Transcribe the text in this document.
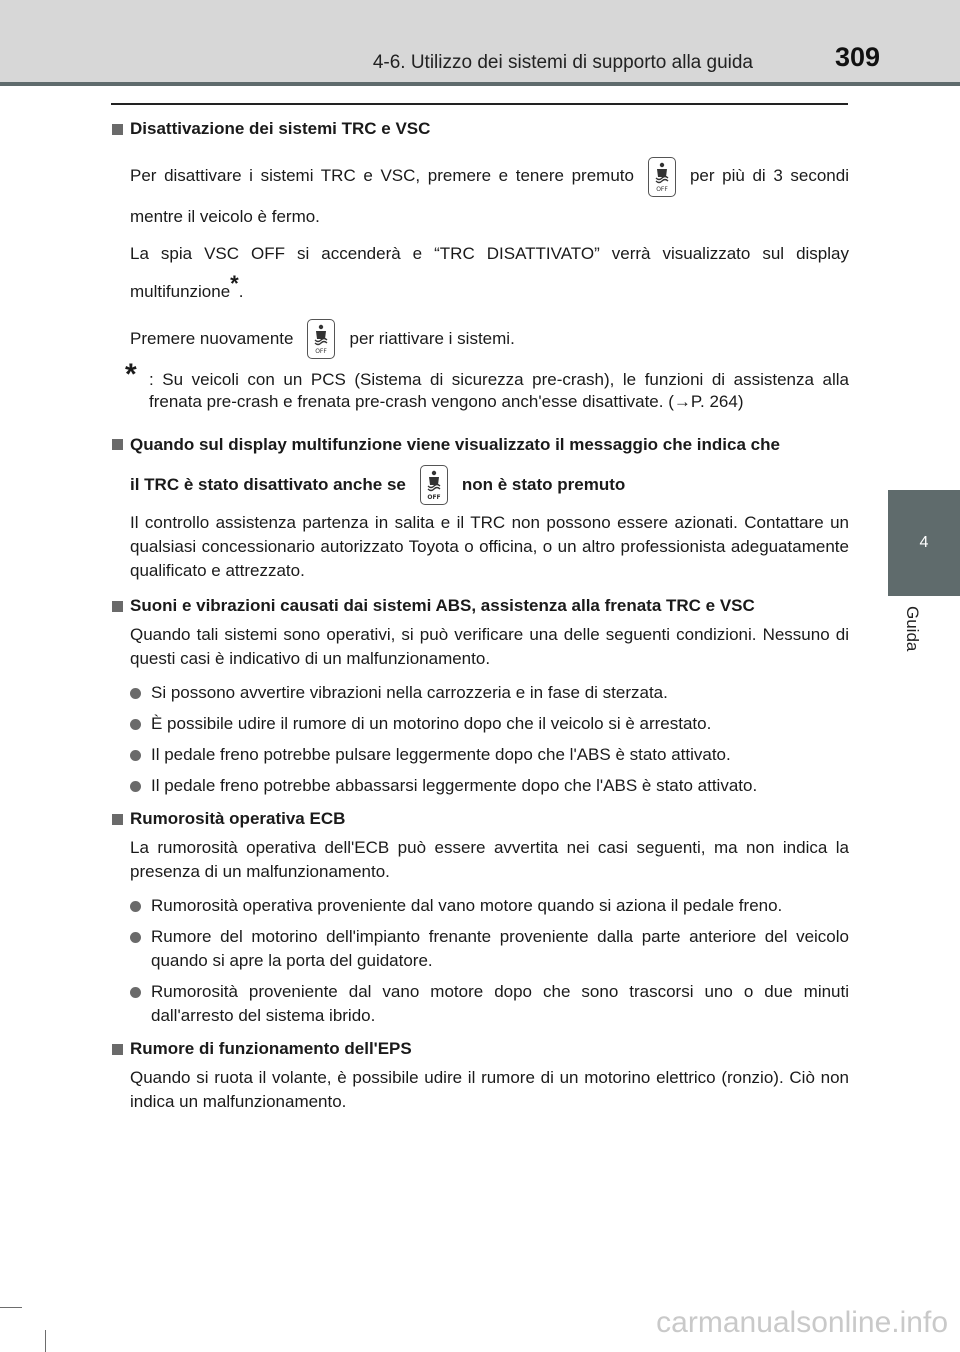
4-6. Utilizzo dei sistemi di supporto alla guida	309
4
Guida
Disattivazione dei sistemi TRC e VSC

Per disattivare i sistemi TRC e VSC, premere e tenere premuto
OFF
per più di 3 secondi mentre il veicolo è fermo.

La spia VSC OFF si accenderà e “TRC DISATTIVATO” verrà visualizzato sul display multifunzione*.

Premere nuovamente
OFF
per riattivare i sistemi.

* : Su veicoli con un PCS (Sistema di sicurezza pre-crash), le funzioni di assistenza alla frenata pre-crash e frenata pre-crash vengono anch'esse disattivate. (→P. 264)

Quando sul display multifunzione viene visualizzato il messaggio che indica che
il TRC è stato disattivato anche se
OFF
non è stato premuto

Il controllo assistenza partenza in salita e il TRC non possono essere azionati. Contattare un qualsiasi concessionario autorizzato Toyota o officina, o un altro professionista adeguatamente qualificato e attrezzato.

Suoni e vibrazioni causati dai sistemi ABS, assistenza alla frenata TRC e VSC

Quando tali sistemi sono operativi, si può verificare una delle seguenti condizioni. Nessuno di questi casi è indicativo di un malfunzionamento.

Si possono avvertire vibrazioni nella carrozzeria e in fase di sterzata.

È possibile udire il rumore di un motorino dopo che il veicolo si è arrestato.

Il pedale freno potrebbe pulsare leggermente dopo che l'ABS è stato attivato.

Il pedale freno potrebbe abbassarsi leggermente dopo che l'ABS è stato attivato.

Rumorosità operativa ECB

La rumorosità operativa dell'ECB può essere avvertita nei casi seguenti, ma non indica la presenza di un malfunzionamento.

Rumorosità operativa proveniente dal vano motore quando si aziona il pedale freno.

Rumore del motorino dell'impianto frenante proveniente dalla parte anteriore del veicolo quando si apre la porta del guidatore.

Rumorosità proveniente dal vano motore dopo che sono trascorsi uno o due minuti dall'arresto del sistema ibrido.

Rumore di funzionamento dell'EPS

Quando si ruota il volante, è possibile udire il rumore di un motorino elettrico (ronzio). Ciò non indica un malfunzionamento.

carmanualsonline.info
